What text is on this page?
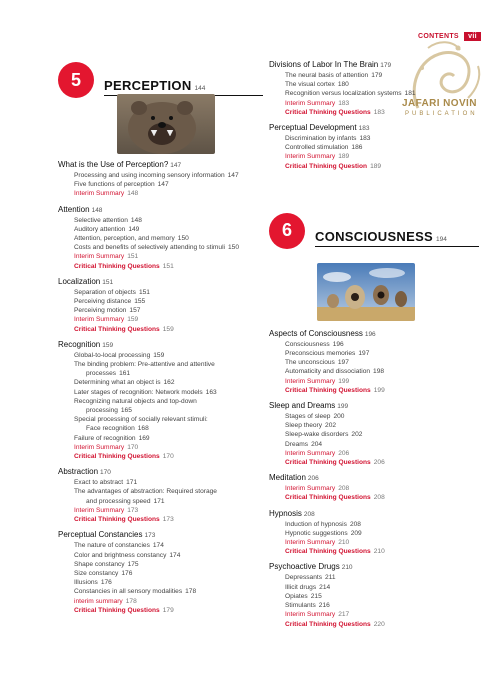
CONTENTS vii
JAFARI NOVIN
PUBLICATION
5	PERCEPTION 144
What is the Use of Perception? 147
Processing and using incoming sensory information 147
Five functions of perception 147
Interim Summary 148
Attention 148
Selective attention 148
Auditory attention 149
Attention, perception, and memory 150
Costs and benefits of selectively attending to stimuli 150
Interim Summary 151
Critical Thinking Questions 151
Localization 151
Separation of objects 151
Perceiving distance 155
Perceiving motion 157
Interim Summary 159
Critical Thinking Questions 159
Recognition 159
Global-to-local processing 159
The binding problem: Pre-attentive and attentive
processes 161
Determining what an object is 162
Later stages of recognition: Network models 163
Recognizing natural objects and top-down
processing 165
Special processing of socially relevant stimuli:
Face recognition 168
Failure of recognition 169
Interim Summary 170
Critical Thinking Questions 170
Abstraction 170
Exact to abstract 171
The advantages of abstraction: Required storage
and processing speed 171
Interim Summary 173
Critical Thinking Questions 173
Perceptual Constancies 173
The nature of constancies 174
Color and brightness constancy 174
Shape constancy 175
Size constancy 176
Illusions 176
Constancies in all sensory modalities 178
interim summary 178
Critical Thinking Questions 179
Divisions of Labor In The Brain 179
The neural basis of attention 179
The visual cortex 180
Recognition versus localization systems 181
Interim Summary 183
Critical Thinking Questions 183
Perceptual Development 183
Discrimination by infants 183
Controlled stimulation 186
Interim Summary 189
Critical Thinking Question 189
6	CONSCIOUSNESS 194
Aspects of Consciousness 196
Consciousness 196
Preconscious memories 197
The unconscious 197
Automaticity and dissociation 198
Interim Summary 199
Critical Thinking Questions 199
Sleep and Dreams 199
Stages of sleep 200
Sleep theory 202
Sleep-wake disorders 202
Dreams 204
Interim Summary 206
Critical Thinking Questions 206
Meditation 206
Interim Summary 208
Critical Thinking Questions 208
Hypnosis 208
Induction of hypnosis 208
Hypnotic suggestions 209
Interim Summary 210
Critical Thinking Questions 210
Psychoactive Drugs 210
Depressants 211
Illicit drugs 214
Opiates 215
Stimulants 216
Interim Summary 217
Critical Thinking Questions 220
